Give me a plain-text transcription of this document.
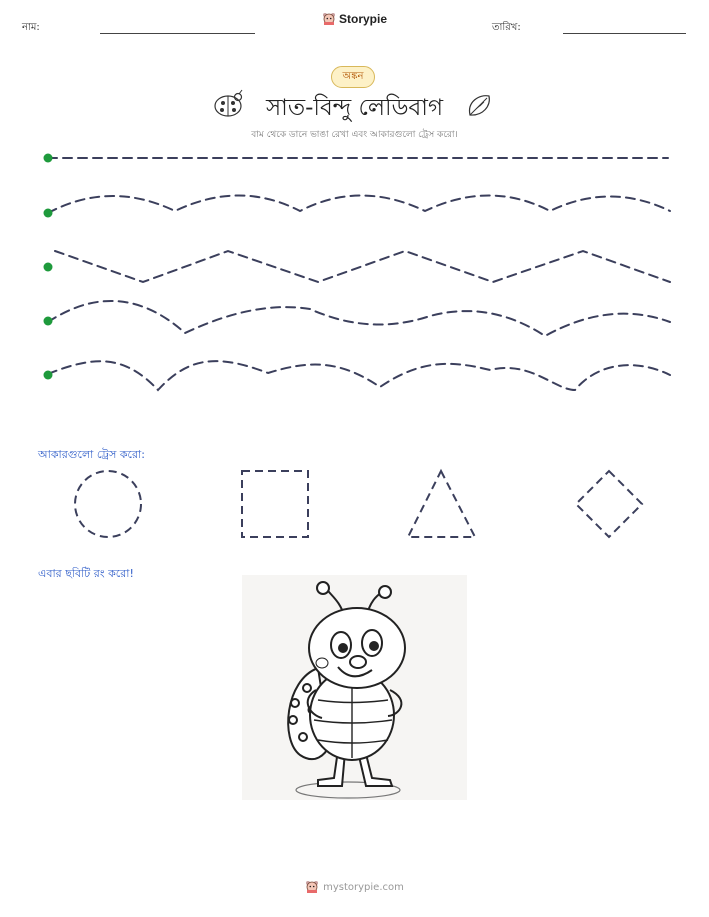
নাম:
Storypie
তারিখ:
অঙ্কন
সাত-বিন্দু লেডিবাগ
বাম থেকে ডানে ভাঙা রেখা এবং আকারগুলো ট্রেস করো।
আকারগুলো ট্রেস করো:
এবার ছবিটি রং করো!
mystorypie.com
